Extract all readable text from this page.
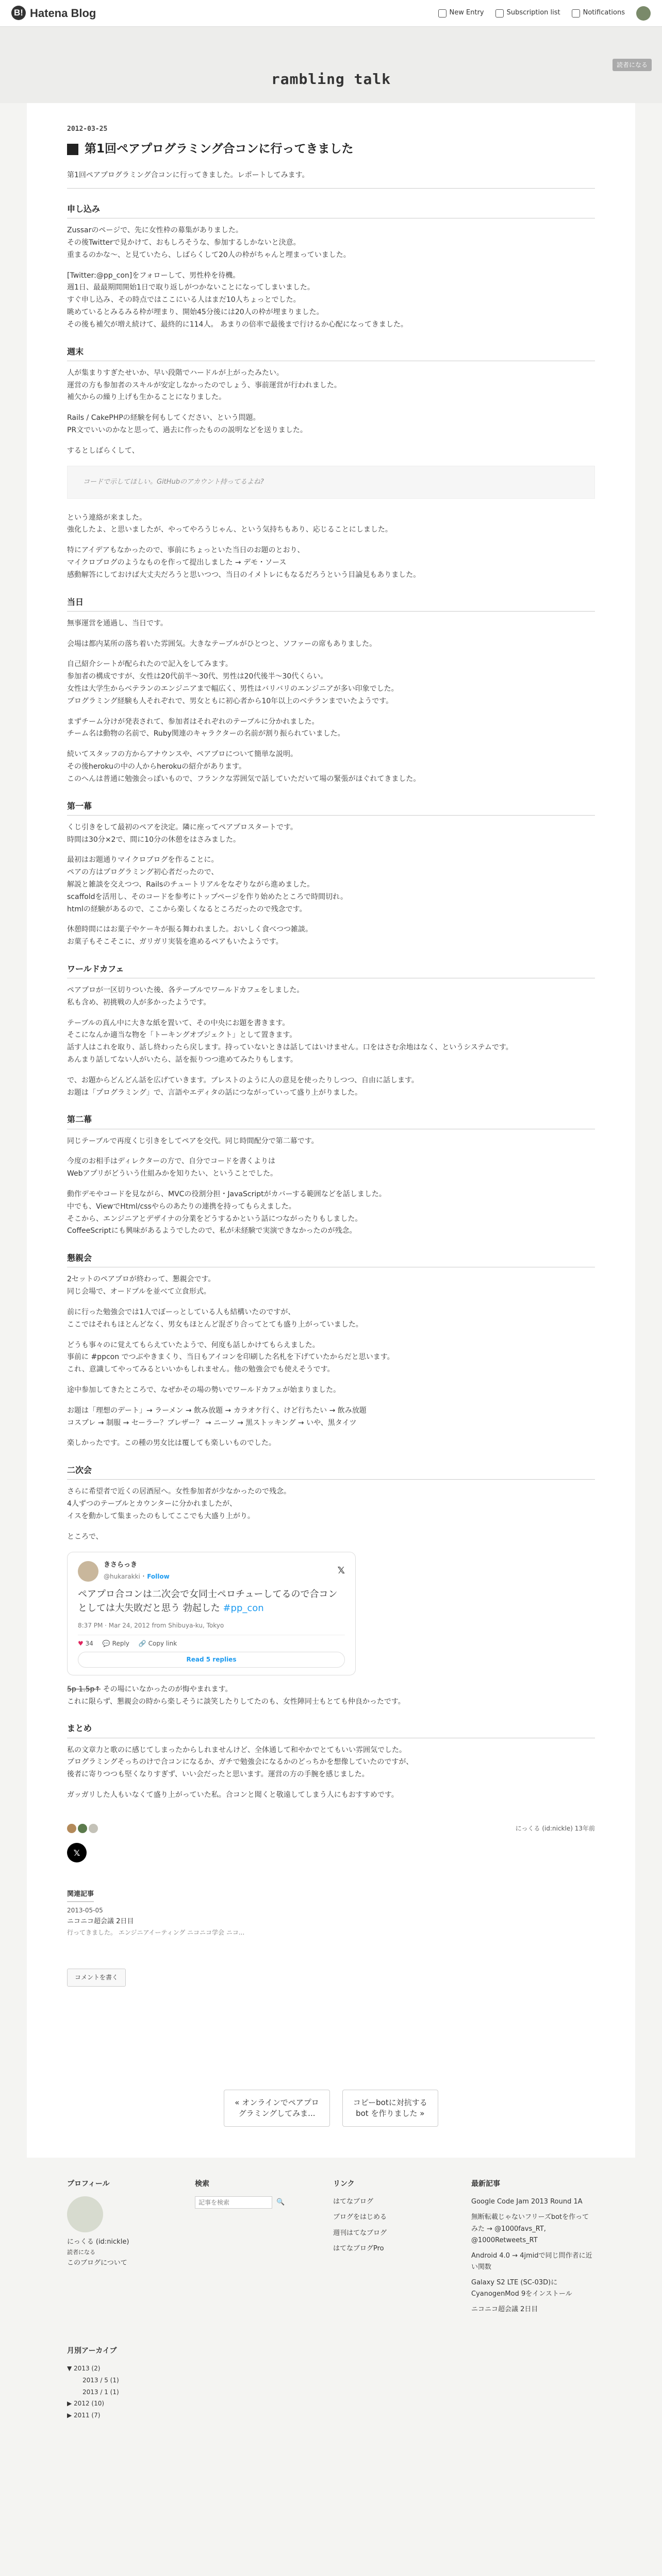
B! Hatena Blog	New Entry	Subscription list	Notifications
読者になる
rambling talk
2012-03-25
第1回ペアプログラミング合コンに行ってきました
第1回ペアプログラミング合コンに行ってきました。レポートしてみます。
申し込み
Zussarのページで、先に女性枠の募集がありました。
その後Twitterで見かけて、おもしろそうな、参加するしかないと決意。
重まるのかな〜、と見ていたら、しばらくして20人の枠がちゃんと埋まっていました。
[Twitter:@pp_con]をフォローして、男性枠を待機。
週1日、最最期間開始1日で取り返しがつかないことになってしまいました。
すぐ申し込み、その時点ではここにいる人はまだ10人ちょっとでした。
眺めているとみるみる枠が埋まり、開始45分後には20人の枠が埋まりました。
その後も補欠が増え続けて、最終的に114人。 あまりの倍率で最後まで行けるか心配になってきました。
週末
人が集まりすぎたせいか、早い段階でハードルが上がったみたい。
運営の方も参加者のスキルが安定しなかったのでしょう、事前運営が行われました。
補欠からの繰り上げも生かることになりました。
Rails / CakePHPの経験を何もしてください、という問題。
PR文でいいのかなと思って、過去に作ったものの説明などを送りました。
するとしばらくして、
コードで示してほしい。GitHubのアカウント持ってるよね?
という連絡が来ました。
強化したよ、と思いましたが、やってやろうじゃん、という気持ちもあり、応じることにしました。
特にアイデアもなかったので、事前にちょっといた当日のお題のとおり、
マイクロブログのようなものを作って提出しました → デモ・ソース
感動解答にしておけば大丈夫だろうと思いつつ、当日のイメトレにもなるだろうという目論見もありました。
当日
無事運営を通過し、当日です。
会場は都内某所の落ち着いた雰囲気。大きなテーブルがひとつと、ソファーの席もありました。
自己紹介シートが配られたので記入をしてみます。
参加者の構成ですが、女性は20代前半〜30代、男性は20代後半〜30代くらい。
女性は大学生からベテランのエンジニアまで幅広く、男性はバリバリのエンジニアが多い印象でした。
プログラミング経験も人それぞれで、男女ともに初心者から10年以上のベテランまでいたようです。
まずチーム分けが発表されて、参加者はそれぞれのテーブルに分かれました。
チーム名は動物の名前で、Ruby関連のキャラクターの名前が割り振られていました。
続いてスタッフの方からアナウンスや、ペアプロについて簡単な説明。
その後herokuの中の人からherokuの紹介があります。
このへんは普通に勉強会っぽいもので、フランクな雰囲気で話していただいて場の緊張がほぐれてきました。
第一幕
くじ引きをして最初のペアを決定。隣に座ってペアプロスタートです。
時間は30分×2で、間に10分の休憩をはさみました。
最初はお題通りマイクロブログを作ることに。
ペアの方はプログラミング初心者だったので、
解説と雑談を交えつつ、Railsのチュートリアルをなぞりながら進めました。
scaffoldを活用し、そのコードを参考にトップページを作り始めたところで時間切れ。
htmlの経験があるので、ここから楽しくなるところだったので残念です。
休憩時間にはお菓子やケーキが振る舞われました。おいしく食べつつ雑談。
お菓子もそこそこに、ガリガリ実装を進めるペアもいたようです。
ワールドカフェ
ペアプロが一区切りついた後、各テーブルでワールドカフェをしました。
私も含め、初挑戦の人が多かったようです。
テーブルの真ん中に大きな紙を置いて、その中央にお題を書きます。
そこになんか適当な物を「トーキングオブジェクト」として置きます。
話す人はこれを取り、話し終わったら戻します。持っていないときは話してはいけません。口をはさむ余地はなく、というシステムです。
あんまり話してない人がいたら、話を振りつつ進めてみたりもします。
で、お題からどんどん話を広げていきます。ブレストのように人の意見を使ったりしつつ、自由に話します。
お題は「プログラミング」で、言語やエディタの話につながっていって盛り上がりました。
第二幕
同じテーブルで再度くじ引きをしてペアを交代。同じ時間配分で第二幕です。
今度のお相手はディレクターの方で、自分でコードを書くよりは
Webアプリがどういう仕組みかを知りたい、ということでした。
動作デモやコードを見ながら、MVCの役割分担・JavaScriptがカバーする範囲などを話しました。
中でも、ViewでHtml/cssやらのあたりの連携を持ってもらえました。
そこから、エンジニアとデザイナの分業をどうするかという話につながったりもしました。
CoffeeScriptにも興味があるようでしたので、私が未経験で実演できなかったのが残念。
懇親会
2セットのペアプロが終わって、懇親会です。
同じ会場で、オードブルを並べて立食形式。
前に行った勉強会では1人でぼーっとしている人も結構いたのですが、
ここではそれもほとんどなく、男女もほとんど混ざり合ってとても盛り上がっていました。
どうも事々のに覚えてもらえていたようで、何度も話しかけてもらえました。
事前に #ppcon でつぶやきまくり、当日もアイコンを印刷した名札を下げていたからだと思います。
これ、意識してやってみるといいかもしれません。他の勉強会でも使えそうです。
途中参加してきたところで、なぜかその場の勢いでワールドカフェが始まりました。
お題は「理想のデート」→ ラーメン → 飲み放題 → カラオケ行く、けど行ちたい → 飲み放題
コスプレ → 制服 → セーラー？ブレザー？ → ニーソ → 黒ストッキング → いや、黒タイツ
楽しかったです。この種の男女比は覆しても楽しいものでした。
二次会
さらに希望者で近くの居酒屋へ。女性参加者が少なかったので残念。
4人ずつのテーブルとカウンターに分かれましたが、
イスを動かして集まったのもしてここでも大盛り上がり。
ところで、
きさらっき
@hukarakki · Follow
𝕏
ペアプロ合コンは二次会で女同士ペロチューしてるので合コンとしては大失敗だと思う 勃起した #pp_con
8:37 PM · Mar 24, 2012 from Shibuya-ku, Tokyo
♥ 34 💬 Reply 🔗 Copy link
Read 5 replies
5p 1.5p↑ その場にいなかったのが悔やまれます。
これに限らず、懇親会の時から楽しそうに談笑したりしてたのも、女性陣同士もとても仲良かったです。
まとめ
私の文章力と歌のに感じてしまったからしれませんけど、全体通して和やかでとてもいい雰囲気でした。
プログラミングそっちのけで合コンになるか、ガチで勉強会になるかのどっちかを想像していたのですが、
後者に寄りつつも堅くなりすぎず、いい会だったと思います。運営の方の手腕を感じました。
ガッガリした人もいなくて盛り上がっていた私。合コンと聞くと敬遠してしまう人にもおすすめです。
にっくる (id:nickle) 13年前
𝕏
関連記事
2013-05-05
ニコニコ超会議 2日目
行ってきました。 エンジニアイーティング ニコニコ学会 ニコ...
コメントを書く
« オンラインでペアプロ
グラミングしてみま...
コピーbotに対抗する
bot を作りました »
プロフィール
にっくる (id:nickle)
読者になる
このブログについて
検索
記事を検索
🔍
リンク
はてなブログ
ブログをはじめる
週刊はてなブログ
はてなブログPro
最新記事
Google Code Jam 2013 Round 1A
無断転載じゃないフリーズbotを作ってみた → @1000favs_RT, @1000Retweets_RT
Android 4.0 → 4jmidで同じ問作者に近い関数
Galaxy S2 LTE (SC-03D)にCyanogenMod 9をインストール
ニコニコ超会議 2日目
月別アーカイブ
▼ 2013 (2)
2013 / 5 (1)
2013 / 1 (1)
▶ 2012 (10)
▶ 2011 (7)
